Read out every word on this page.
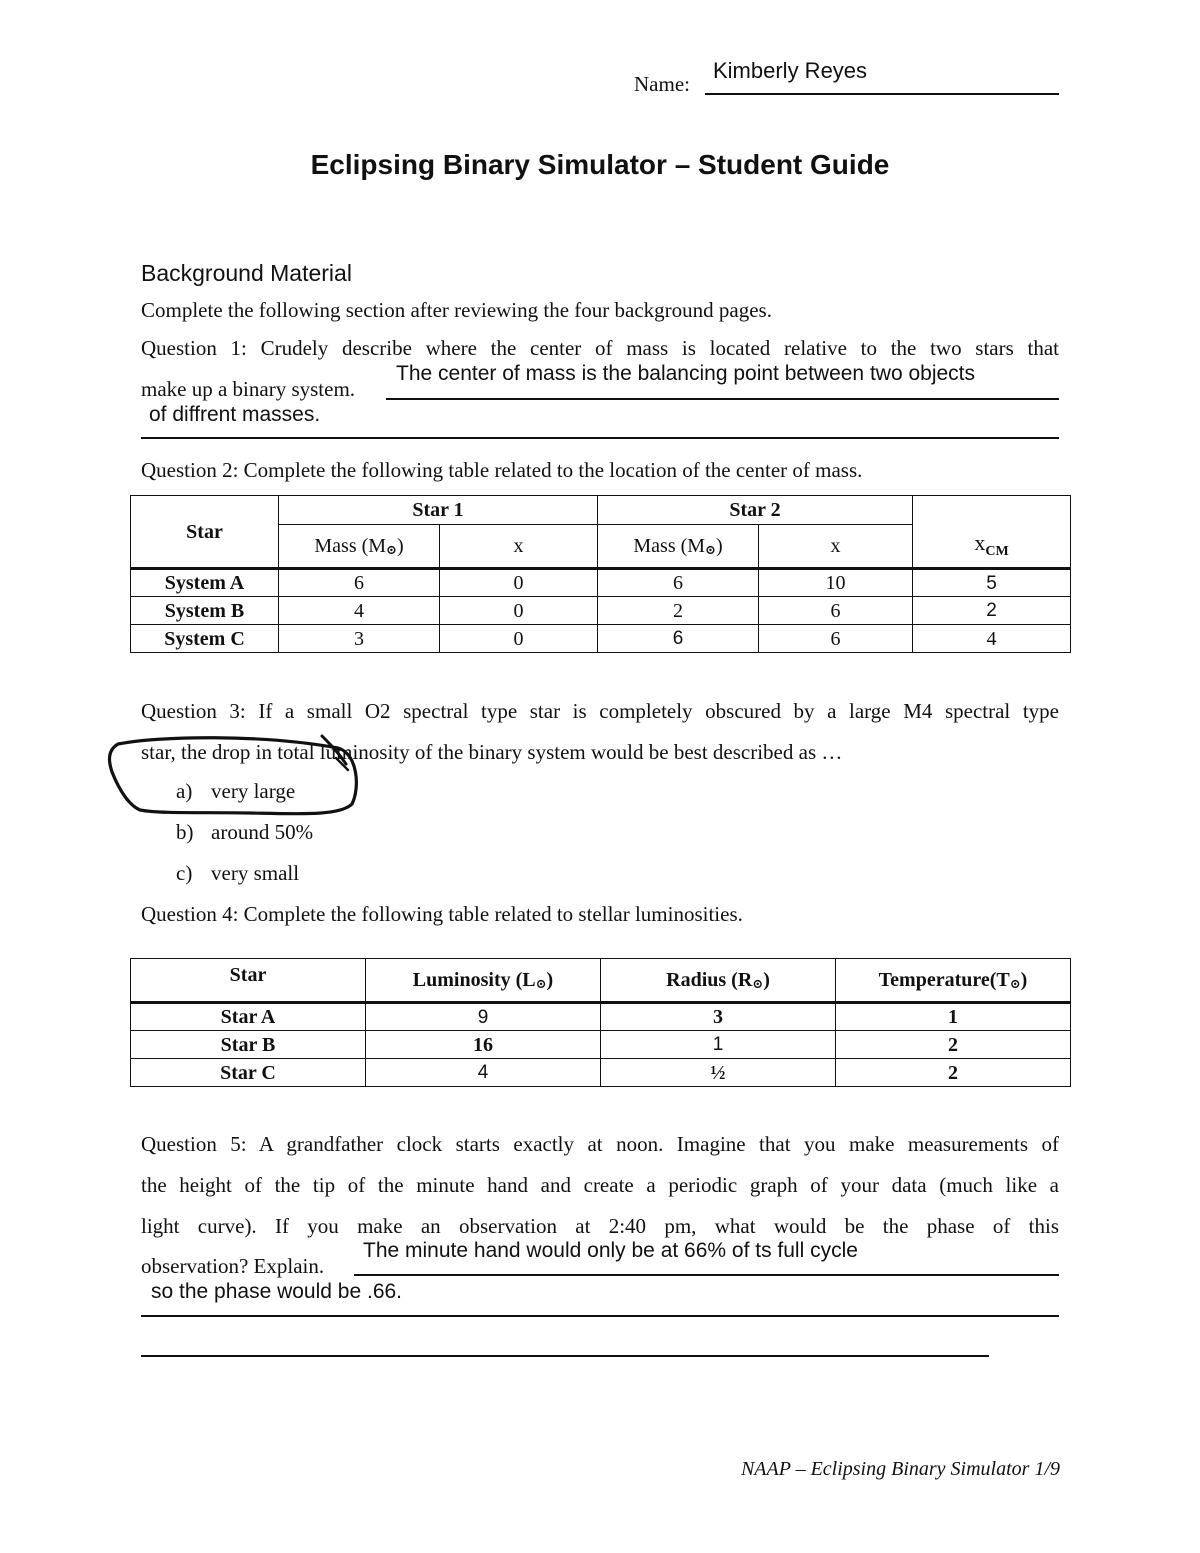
Name:
Kimberly Reyes
Eclipsing Binary Simulator – Student Guide
Background Material
Complete the following section after reviewing the four background pages.
Question 1: Crudely describe where the center of mass is located relative to the two stars that
make up a binary system.
The center of mass is the balancing point between two objects
of diffrent masses.
Question 2: Complete the following table related to the location of the center of mass.
Star	Star 1		Star 2		$x_{CM}$
	Mass (M⊙)	x	Mass (M⊙)	x	
System A	6	0	6	10	5
System B	4	0	2	6	2
System C	3	0	6	6	4
Question 3: If a small O2 spectral type star is completely obscured by a large M4 spectral type
star, the drop in total luminosity of the binary system would be best described as …
a) very large
b) around 50%
c) very small
Question 4: Complete the following table related to stellar luminosities.
Star	Luminosity (L⊙)	Radius (R⊙)	Temperature(T⊙)
Star A	9	3	1
Star B	16	1	2
Star C	4	½	2
Question 5: A grandfather clock starts exactly at noon. Imagine that you make measurements of
the height of the tip of the minute hand and create a periodic graph of your data (much like a
light curve). If you make an observation at 2:40 pm, what would be the phase of this
observation? Explain.
The minute hand would only be at 66% of ts full cycle
so the phase would be .66.
NAAP – Eclipsing Binary Simulator 1/9
